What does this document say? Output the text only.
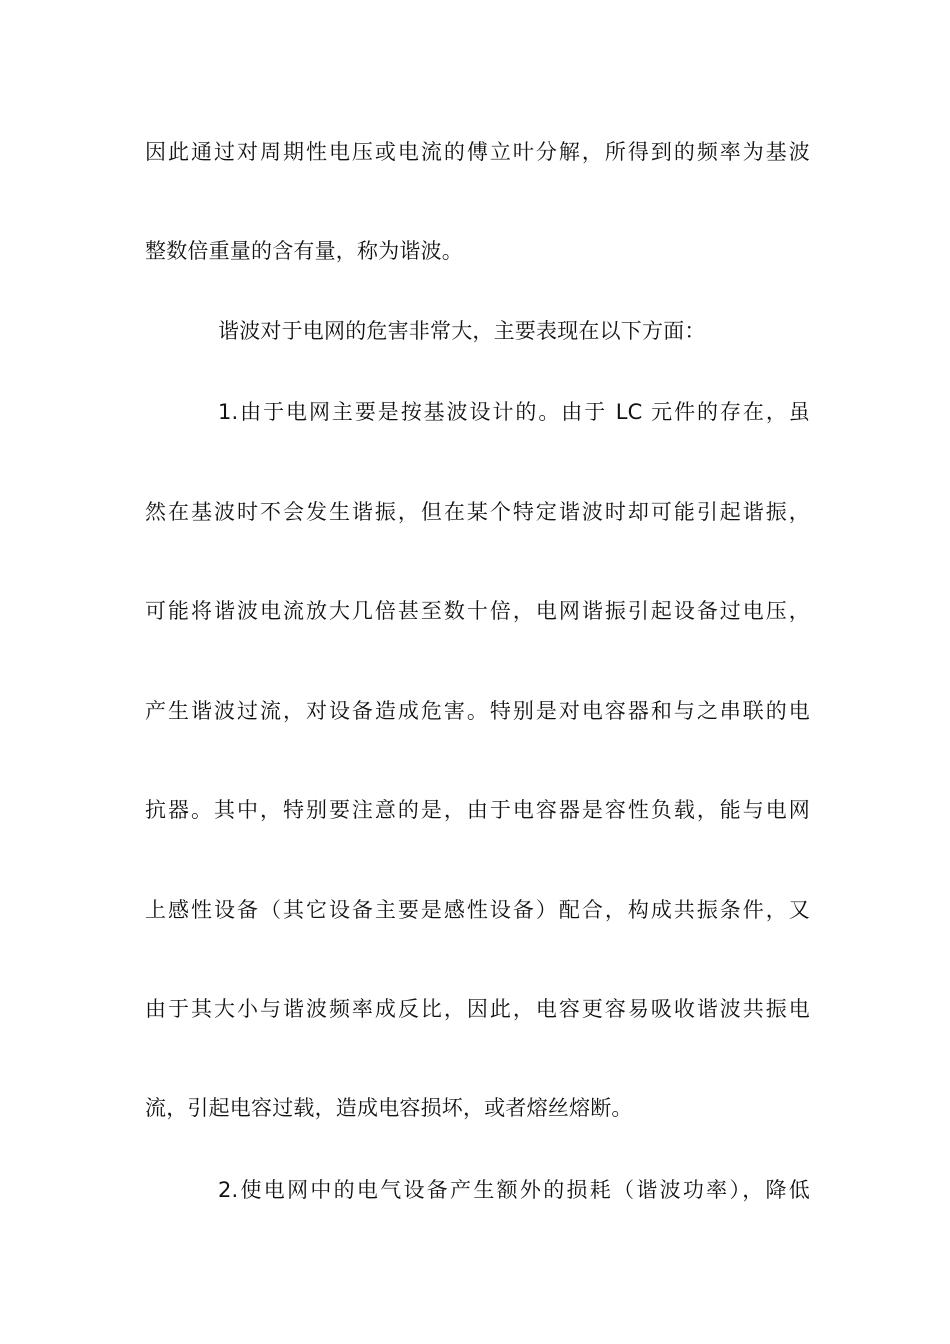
因此通过对周期性电压或电流的傅立叶分解，所得到的频率为基波
整数倍重量的含有量，称为谐波。
谐波对于电网的危害非常大，主要表现在以下方面：
1.由于电网主要是按基波设计的。由于 LC 元件的存在，虽
然在基波时不会发生谐振，但在某个特定谐波时却可能引起谐振，
可能将谐波电流放大几倍甚至数十倍，电网谐振引起设备过电压，
产生谐波过流，对设备造成危害。特别是对电容器和与之串联的电
抗器。其中，特别要注意的是，由于电容器是容性负载，能与电网
上感性设备（其它设备主要是感性设备）配合，构成共振条件，又
由于其大小与谐波频率成反比，因此，电容更容易吸收谐波共振电
流，引起电容过载，造成电容损坏，或者熔丝熔断。
2.使电网中的电气设备产生额外的损耗（谐波功率），降低
